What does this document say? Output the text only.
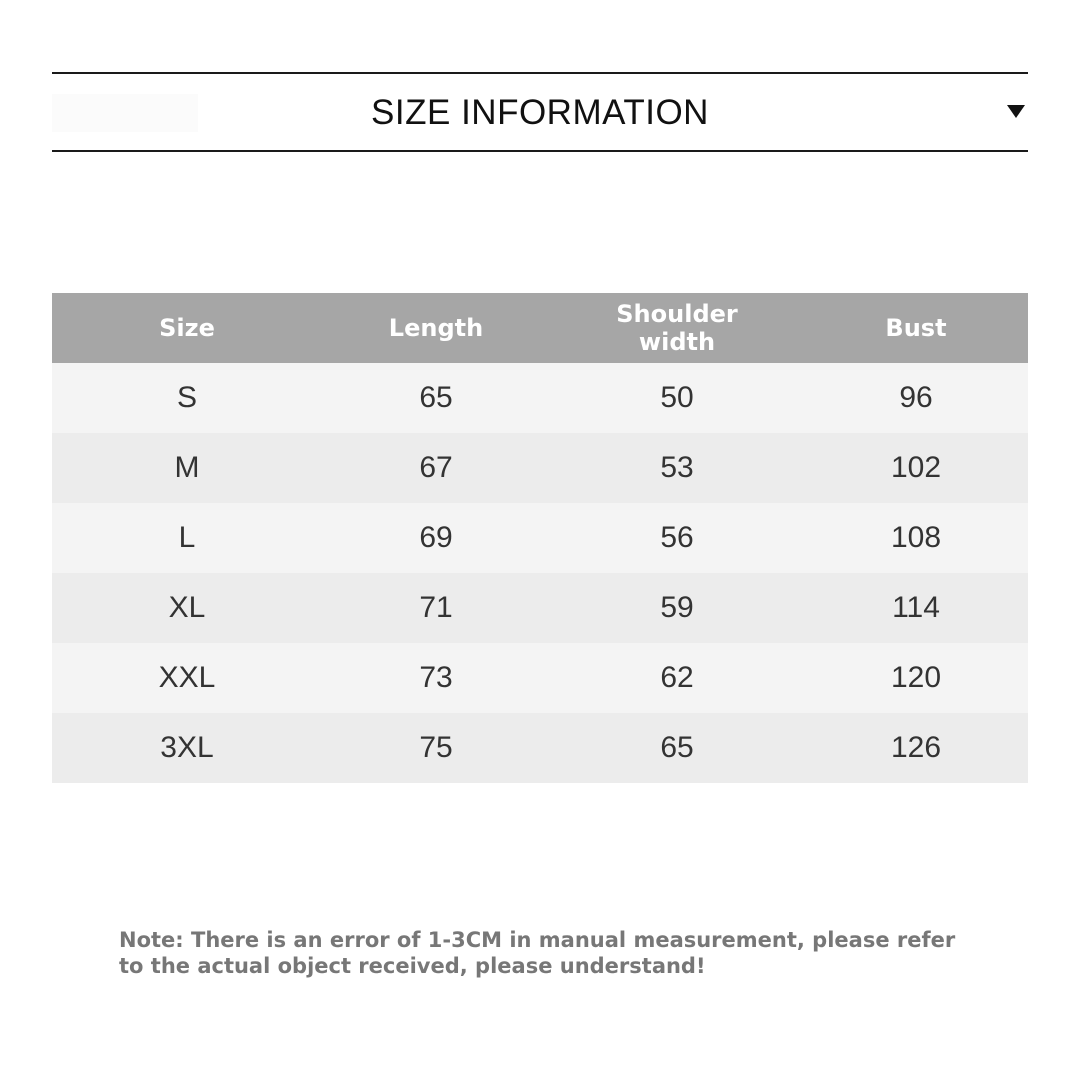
SIZE INFORMATION
Size	Length	Shoulder width	Bust
S	65	50	96
M	67	53	102
L	69	56	108
XL	71	59	114
XXL	73	62	120
3XL	75	65	126
Note: There is an error of 1-3CM in manual measurement, please refer to the actual object received, please understand!
